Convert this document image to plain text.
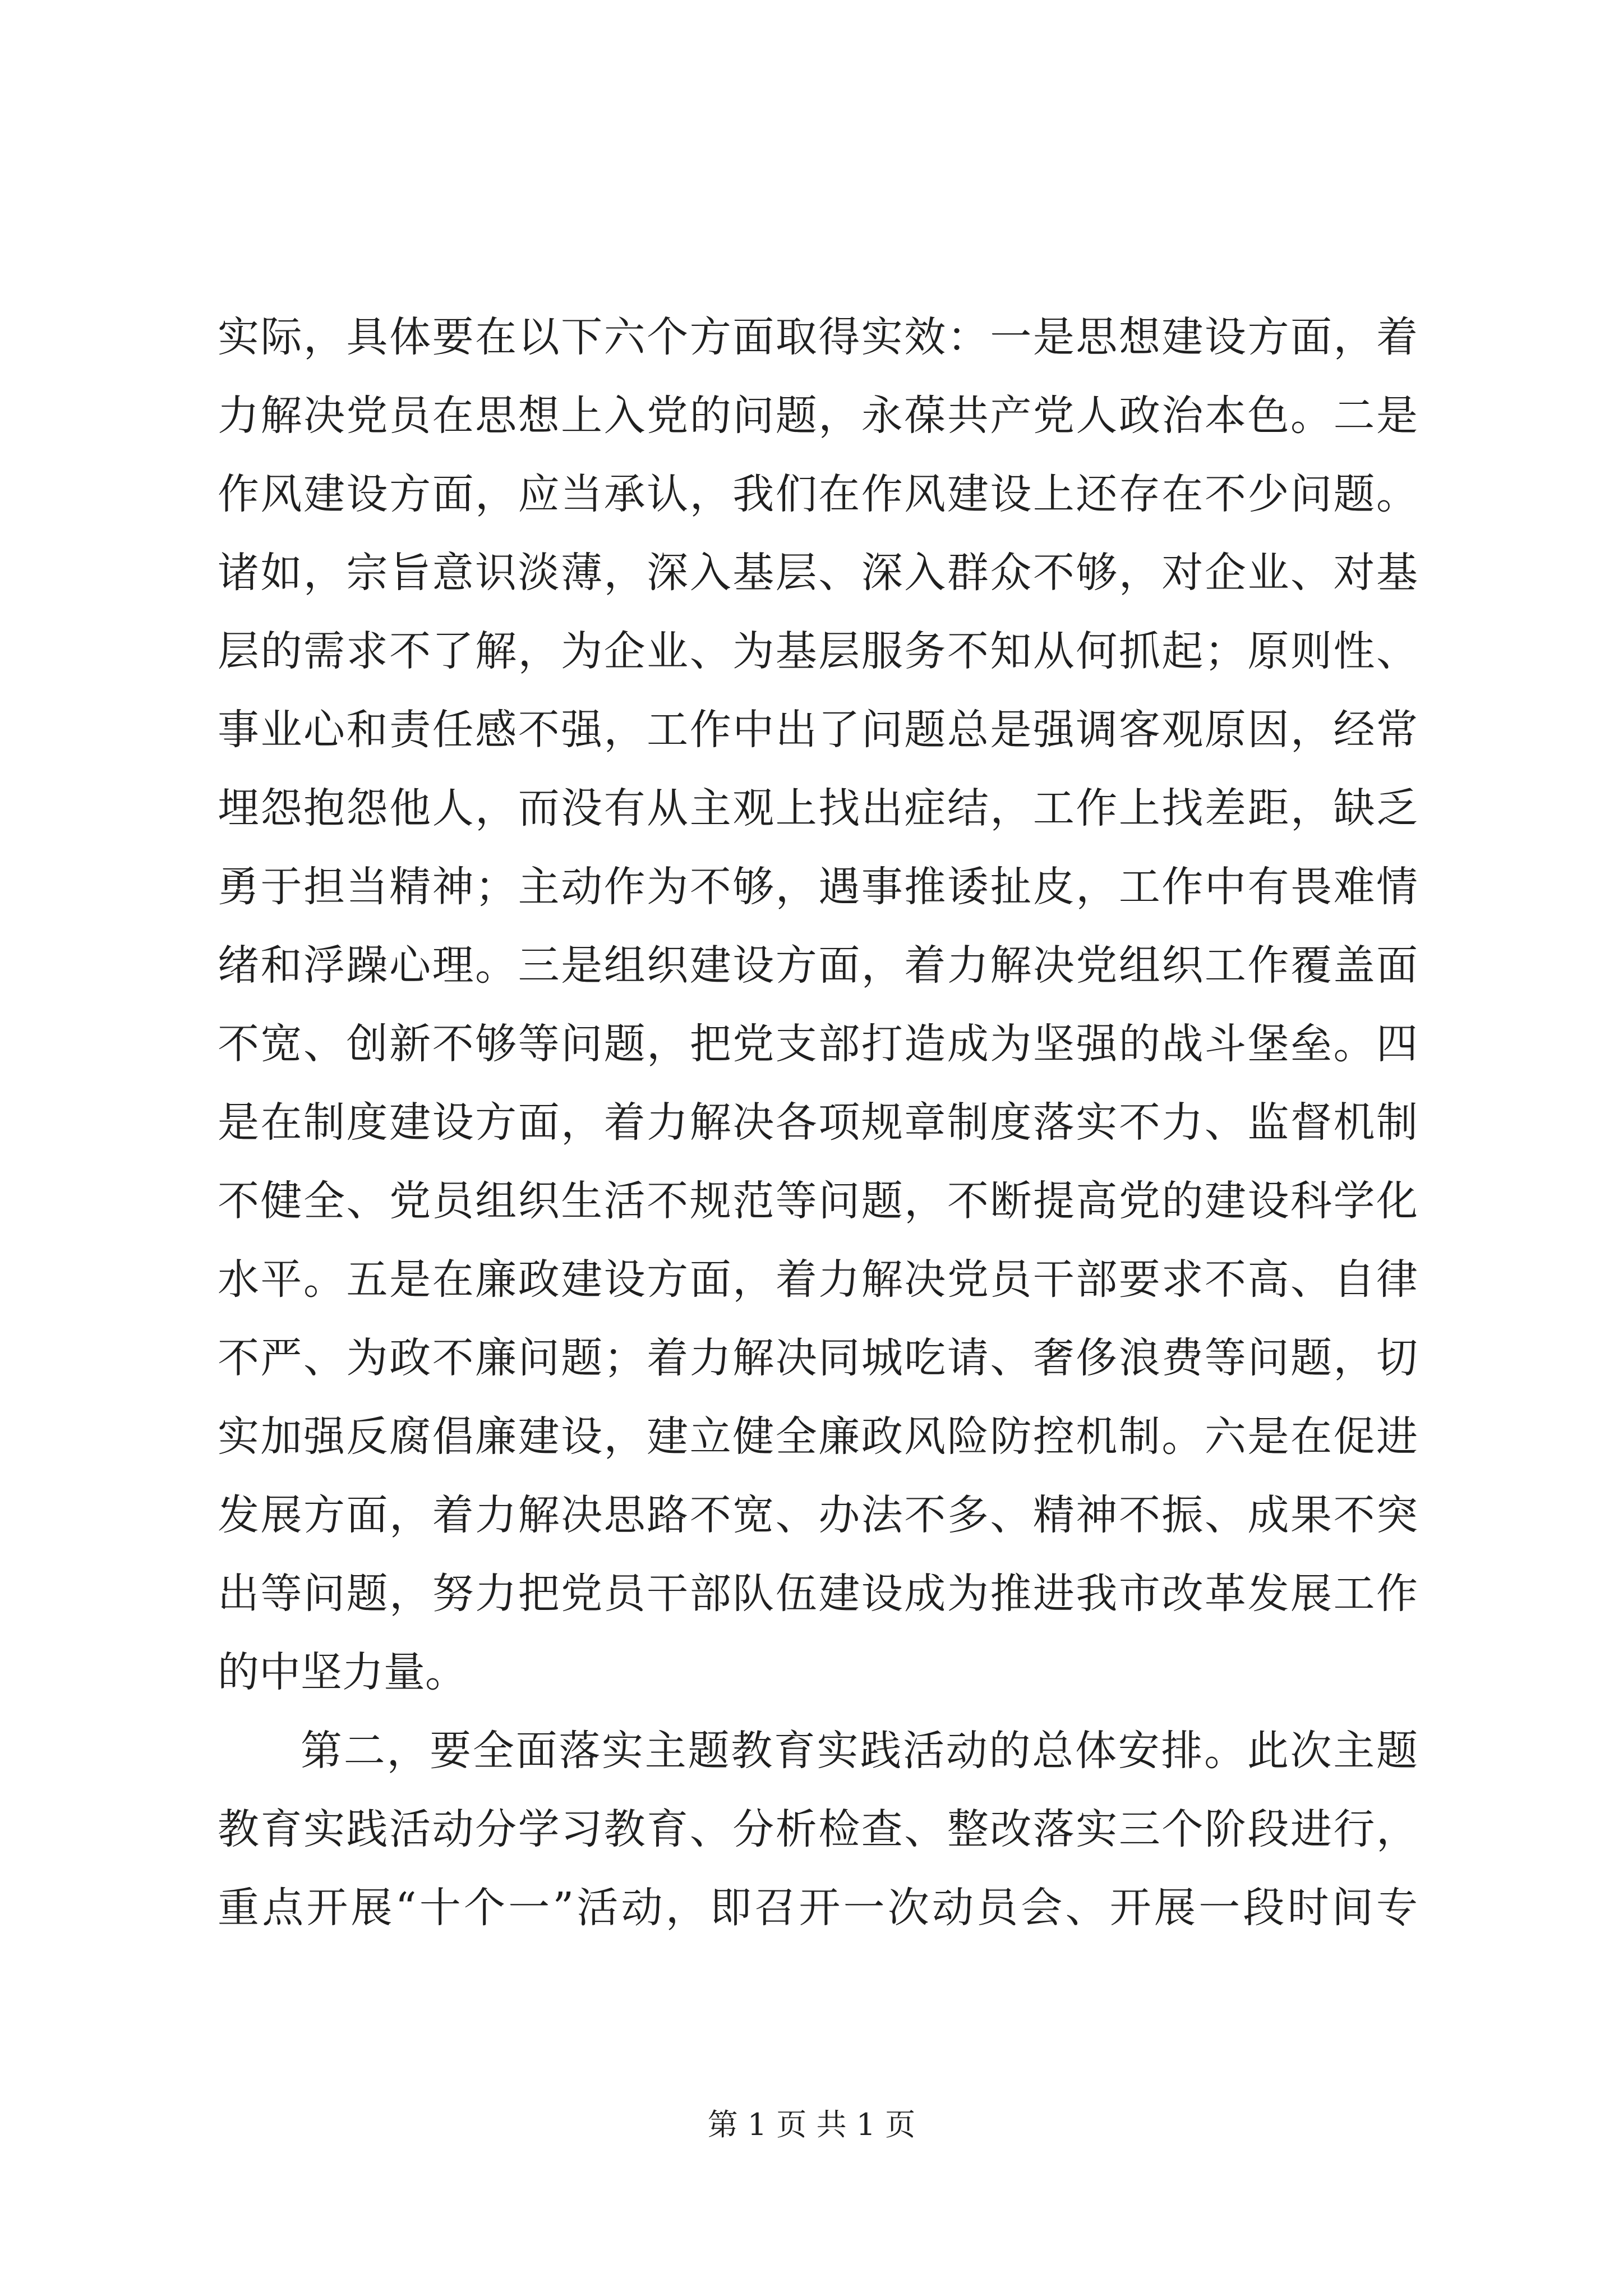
实际，具体要在以下六个方面取得实效：一是思想建设方面，着
力解决党员在思想上入党的问题，永葆共产党人政治本色。二是
作风建设方面，应当承认，我们在作风建设上还存在不少问题。
诸如，宗旨意识淡薄，深入基层、深入群众不够，对企业、对基
层的需求不了解，为企业、为基层服务不知从何抓起；原则性、
事业心和责任感不强，工作中出了问题总是强调客观原因，经常
埋怨抱怨他人，而没有从主观上找出症结，工作上找差距，缺乏
勇于担当精神；主动作为不够，遇事推诿扯皮，工作中有畏难情
绪和浮躁心理。三是组织建设方面，着力解决党组织工作覆盖面
不宽、创新不够等问题，把党支部打造成为坚强的战斗堡垒。四
是在制度建设方面，着力解决各项规章制度落实不力、监督机制
不健全、党员组织生活不规范等问题，不断提高党的建设科学化
水平。五是在廉政建设方面，着力解决党员干部要求不高、自律
不严、为政不廉问题；着力解决同城吃请、奢侈浪费等问题，切
实加强反腐倡廉建设，建立健全廉政风险防控机制。六是在促进
发展方面，着力解决思路不宽、办法不多、精神不振、成果不突
出等问题，努力把党员干部队伍建设成为推进我市改革发展工作
的中坚力量。
第二，要全面落实主题教育实践活动的总体安排。此次主题
教育实践活动分学习教育、分析检查、整改落实三个阶段进行，
重点开展“十个一”活动，即召开一次动员会、开展一段时间专
第 1 页 共 1 页
